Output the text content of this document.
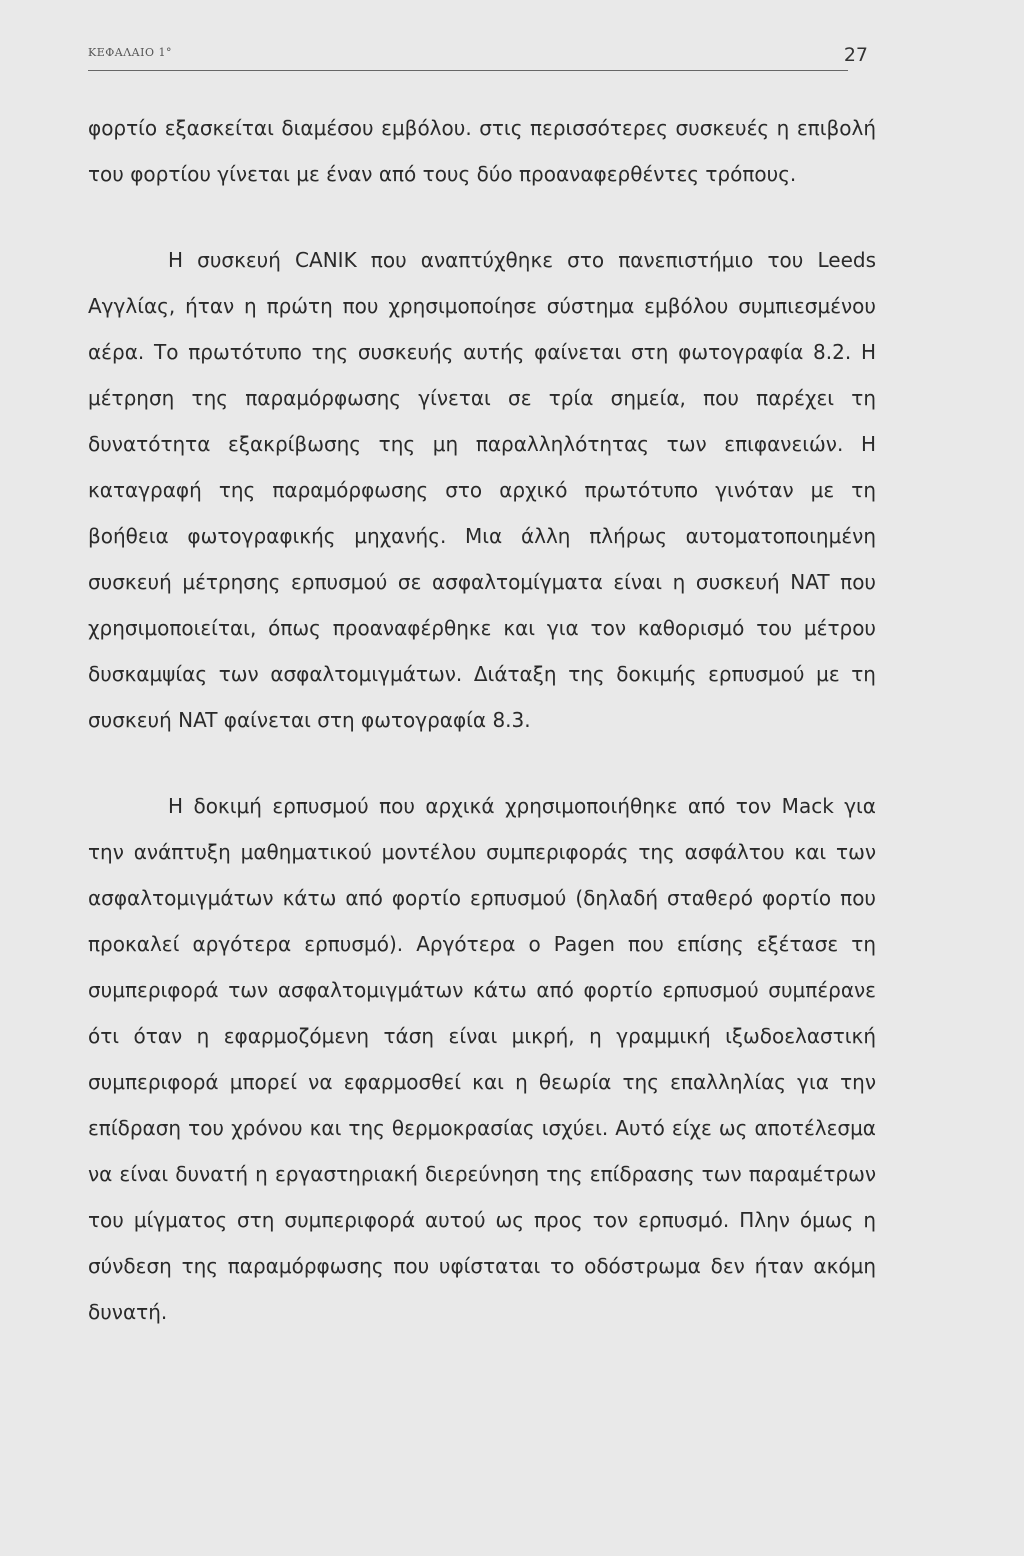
ΚΕΦΑΛΑΙΟ 1°	27

φορτίο εξασκείται διαμέσου εμβόλου. στις περισσότερες συσκευές η επιβολή του φορτίου γίνεται με έναν από τους δύο προαναφερθέντες τρόπους.

Η συσκευή CANIK που αναπτύχθηκε στο πανεπιστήμιο του Leeds Αγγλίας, ήταν η πρώτη που χρησιμοποίησε σύστημα εμβόλου συμπιεσμένου αέρα. Το πρωτότυπο της συσκευής αυτής φαίνεται στη φωτογραφία 8.2. Η μέτρηση της παραμόρφωσης γίνεται σε τρία σημεία, που παρέχει τη δυνατότητα εξακρίβωσης της μη παραλληλότητας των επιφανειών. Η καταγραφή της παραμόρφωσης στο αρχικό πρωτότυπο γινόταν με τη βοήθεια φωτογραφικής μηχανής. Μια άλλη πλήρως αυτοματοποιημένη συσκευή μέτρησης ερπυσμού σε ασφαλτομίγματα είναι η συσκευή NAT που χρησιμοποιείται, όπως προαναφέρθηκε και για τον καθορισμό του μέτρου δυσκαμψίας των ασφαλτομιγμάτων. Διάταξη της δοκιμής ερπυσμού με τη συσκευή NAT φαίνεται στη φωτογραφία 8.3.

Η δοκιμή ερπυσμού που αρχικά χρησιμοποιήθηκε από τον Mack για την ανάπτυξη μαθηματικού μοντέλου συμπεριφοράς της ασφάλτου και των ασφαλτομιγμάτων κάτω από φορτίο ερπυσμού (δηλαδή σταθερό φορτίο που προκαλεί αργότερα ερπυσμό). Αργότερα ο Pagen που επίσης εξέτασε τη συμπεριφορά των ασφαλτομιγμάτων κάτω από φορτίο ερπυσμού συμπέρανε ότι όταν η εφαρμοζόμενη τάση είναι μικρή, η γραμμική ιξωδοελαστική συμπεριφορά μπορεί να εφαρμοσθεί και η θεωρία της επαλληλίας για την επίδραση του χρόνου και της θερμοκρασίας ισχύει. Αυτό είχε ως αποτέλεσμα να είναι δυνατή η εργαστηριακή διερεύνηση της επίδρασης των παραμέτρων του μίγματος στη συμπεριφορά αυτού ως προς τον ερπυσμό. Πλην όμως η σύνδεση της παραμόρφωσης που υφίσταται το οδόστρωμα δεν ήταν ακόμη δυνατή.
